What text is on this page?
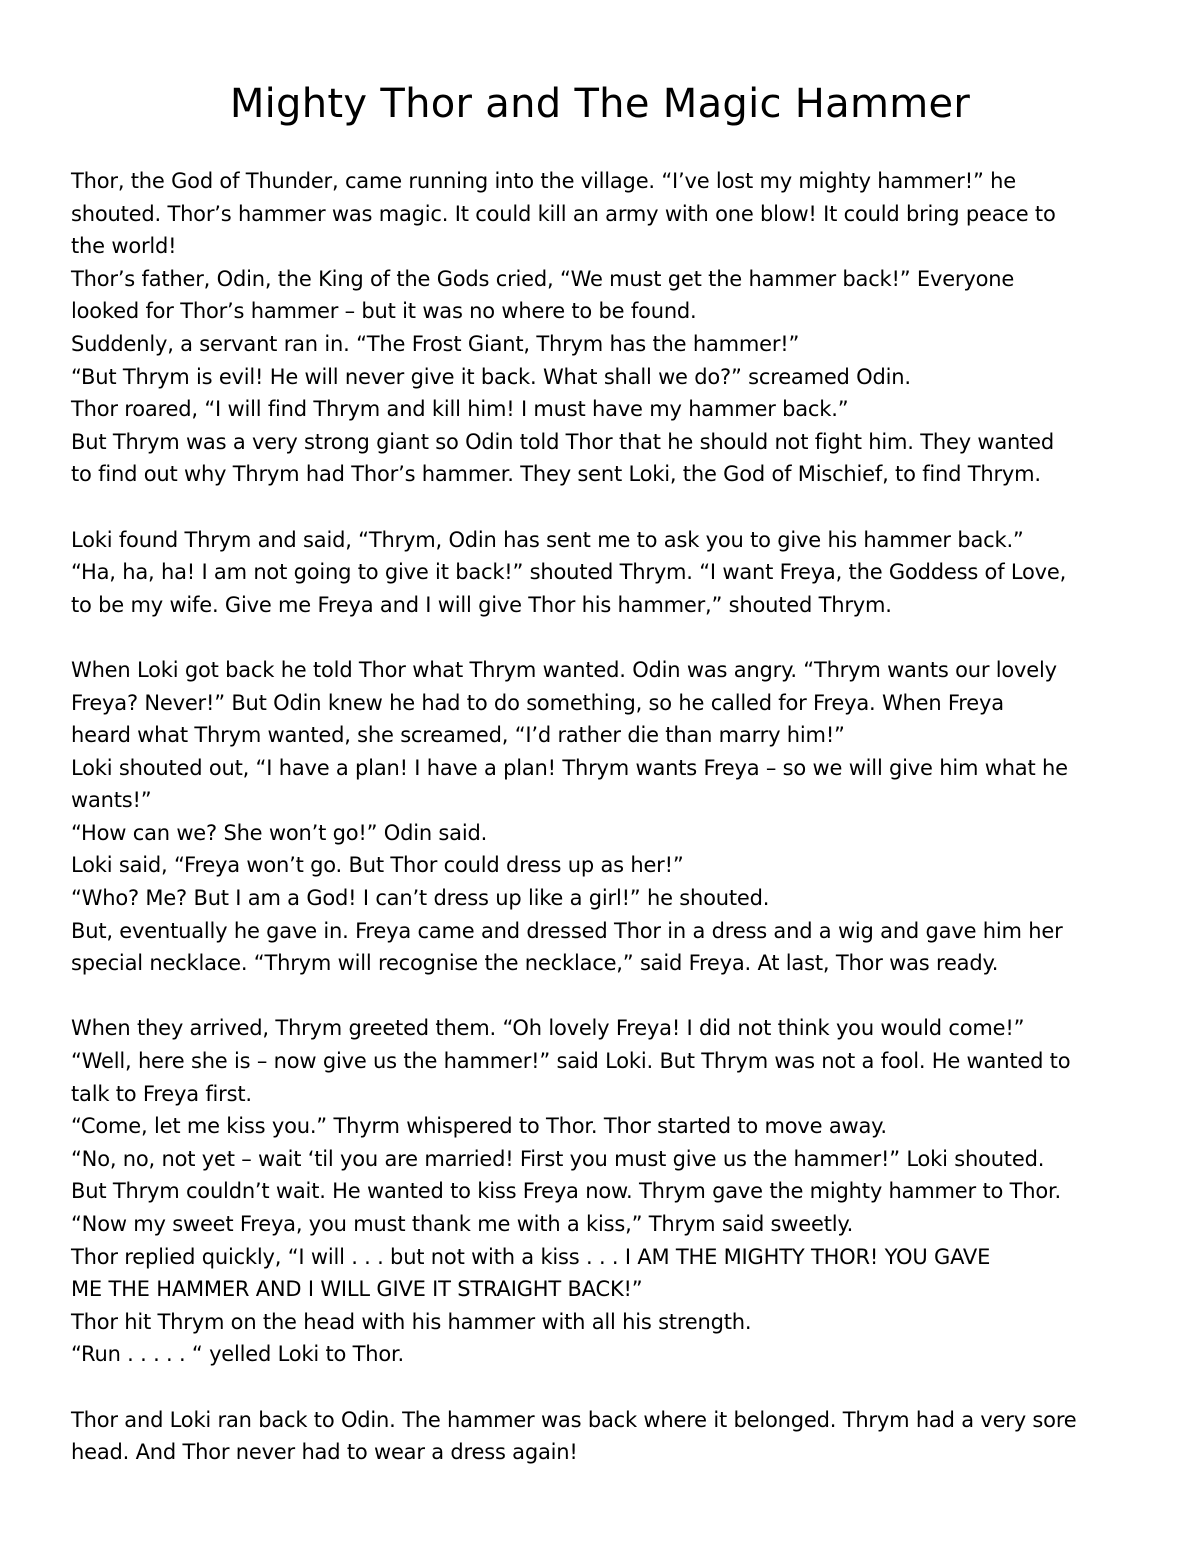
Mighty Thor and The Magic Hammer
Thor, the God of Thunder, came running into the village. “I’ve lost my mighty hammer!” he
shouted. Thor’s hammer was magic. It could kill an army with one blow! It could bring peace to
the world!
Thor’s father, Odin, the King of the Gods cried, “We must get the hammer back!” Everyone
looked for Thor’s hammer – but it was no where to be found.
Suddenly, a servant ran in. “The Frost Giant, Thrym has the hammer!”
“But Thrym is evil! He will never give it back. What shall we do?” screamed Odin.
Thor roared, “I will find Thrym and kill him! I must have my hammer back.”
But Thrym was a very strong giant so Odin told Thor that he should not fight him. They wanted
to find out why Thrym had Thor’s hammer. They sent Loki, the God of Mischief, to find Thrym.
Loki found Thrym and said, “Thrym, Odin has sent me to ask you to give his hammer back.”
“Ha, ha, ha! I am not going to give it back!” shouted Thrym. “I want Freya, the Goddess of Love,
to be my wife. Give me Freya and I will give Thor his hammer,” shouted Thrym.
When Loki got back he told Thor what Thrym wanted. Odin was angry. “Thrym wants our lovely
Freya? Never!” But Odin knew he had to do something, so he called for Freya. When Freya
heard what Thrym wanted, she screamed, “I’d rather die than marry him!”
Loki shouted out, “I have a plan! I have a plan! Thrym wants Freya – so we will give him what he
wants!”
“How can we? She won’t go!” Odin said.
Loki said, “Freya won’t go. But Thor could dress up as her!”
“Who? Me? But I am a God! I can’t dress up like a girl!” he shouted.
But, eventually he gave in. Freya came and dressed Thor in a dress and a wig and gave him her
special necklace. “Thrym will recognise the necklace,” said Freya. At last, Thor was ready.
When they arrived, Thrym greeted them. “Oh lovely Freya! I did not think you would come!”
“Well, here she is – now give us the hammer!” said Loki. But Thrym was not a fool. He wanted to
talk to Freya first.
“Come, let me kiss you.” Thyrm whispered to Thor. Thor started to move away.
“No, no, not yet – wait ‘til you are married! First you must give us the hammer!” Loki shouted.
But Thrym couldn’t wait. He wanted to kiss Freya now. Thrym gave the mighty hammer to Thor.
“Now my sweet Freya, you must thank me with a kiss,” Thrym said sweetly.
Thor replied quickly, “I will . . . but not with a kiss . . . I AM THE MIGHTY THOR! YOU GAVE
ME THE HAMMER AND I WILL GIVE IT STRAIGHT BACK!”
Thor hit Thrym on the head with his hammer with all his strength.
“Run . . . . . “ yelled Loki to Thor.
Thor and Loki ran back to Odin. The hammer was back where it belonged. Thrym had a very sore
head. And Thor never had to wear a dress again!
